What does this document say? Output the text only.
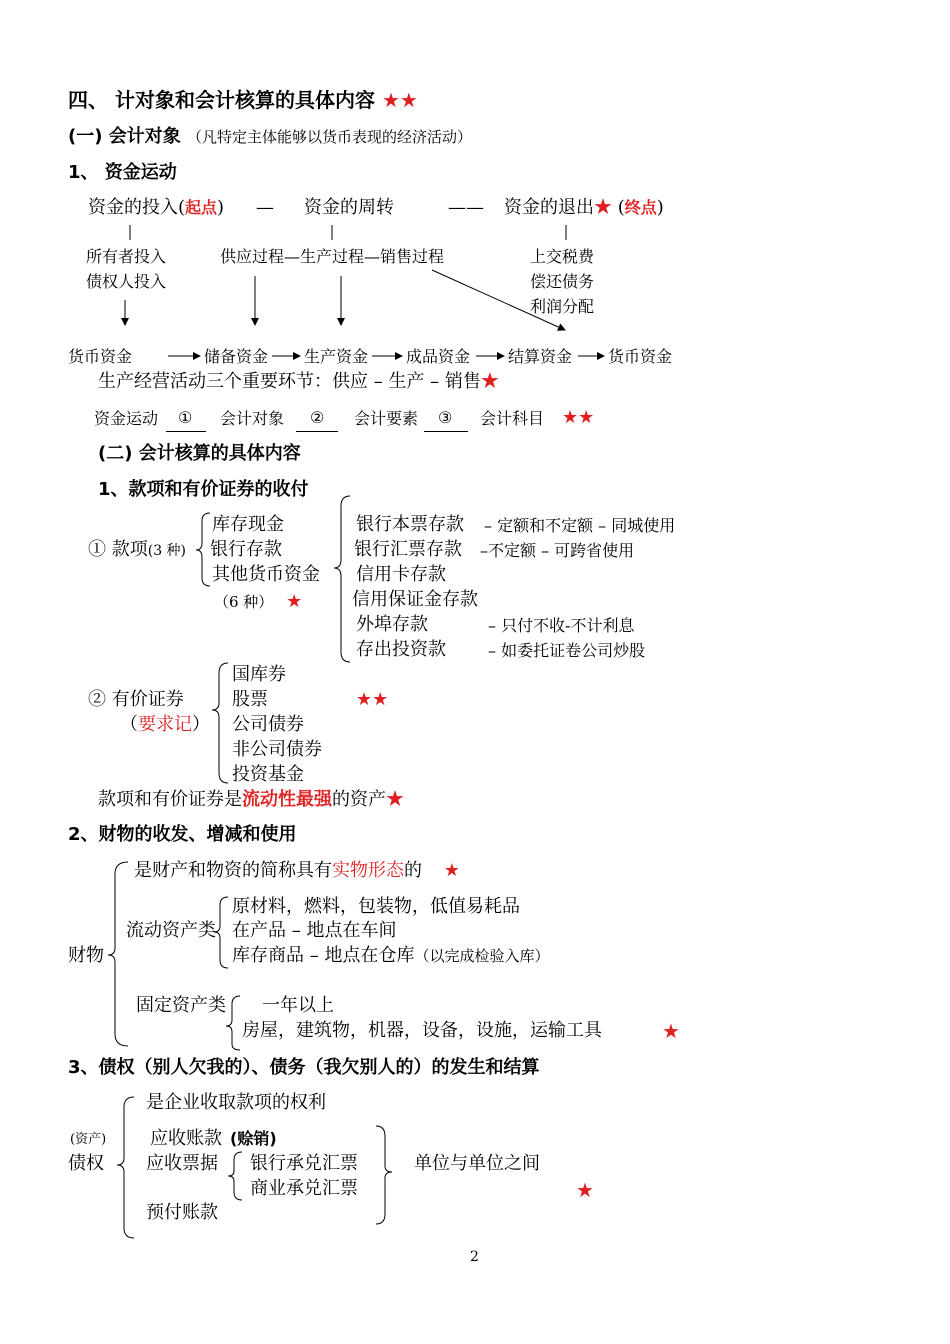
四、 计对象和会计核算的具体内容 ★★
(一) 会计对象 （凡特定主体能够以货币表现的经济活动）
1、 资金运动
资金的投入(起点) — 资金的周转	—— 资金的退出★ (终点)
所有者投入
债权人投入
供应过程—生产过程—销售过程	上交税费
偿还债务
利润分配
货币资金	储备资金 生产资金 成品资金 结算资金 货币资金
生产经营活动三个重要环节：供应 – 生产 – 销售★
资金运动 ① 会计对象 ② 会计要素 ③ 会计科目 ★★
(二) 会计核算的具体内容
1、款项和有价证券的收付
① 款项(3 种)
库存现金
银行存款
其他货币资金
（6 种） ★
银行本票存款 – 定额和不定额 – 同城使用
银行汇票存款 –不定额 – 可跨省使用
信用卡存款
信用保证金存款
外埠存款	– 只付不收-不计利息
存出投资款	– 如委托证卷公司炒股
② 有价证券
（要求记）
国库券
股票
公司债券
非公司债券
投资基金
★★
款项和有价证券是流动性最强的资产★
2、财物的收发、增减和使用
是财产和物资的简称具有实物形态的 ★
财物
流动资产类
原材料，燃料，包装物，低值易耗品
在产品 – 地点在车间
库存商品 – 地点在仓库（以完成检验入库）
固定资产类 一年以上
房屋，建筑物，机器，设备，设施，运输工具	★
3、债权（别人欠我的）、债务（我欠别人的）的发生和结算
是企业收取款项的权利
(资产)
债权
应收账款 (赊销)
应收票据 银行承兑汇票
商业承兑汇票
预付账款
单位与单位之间
★
2
